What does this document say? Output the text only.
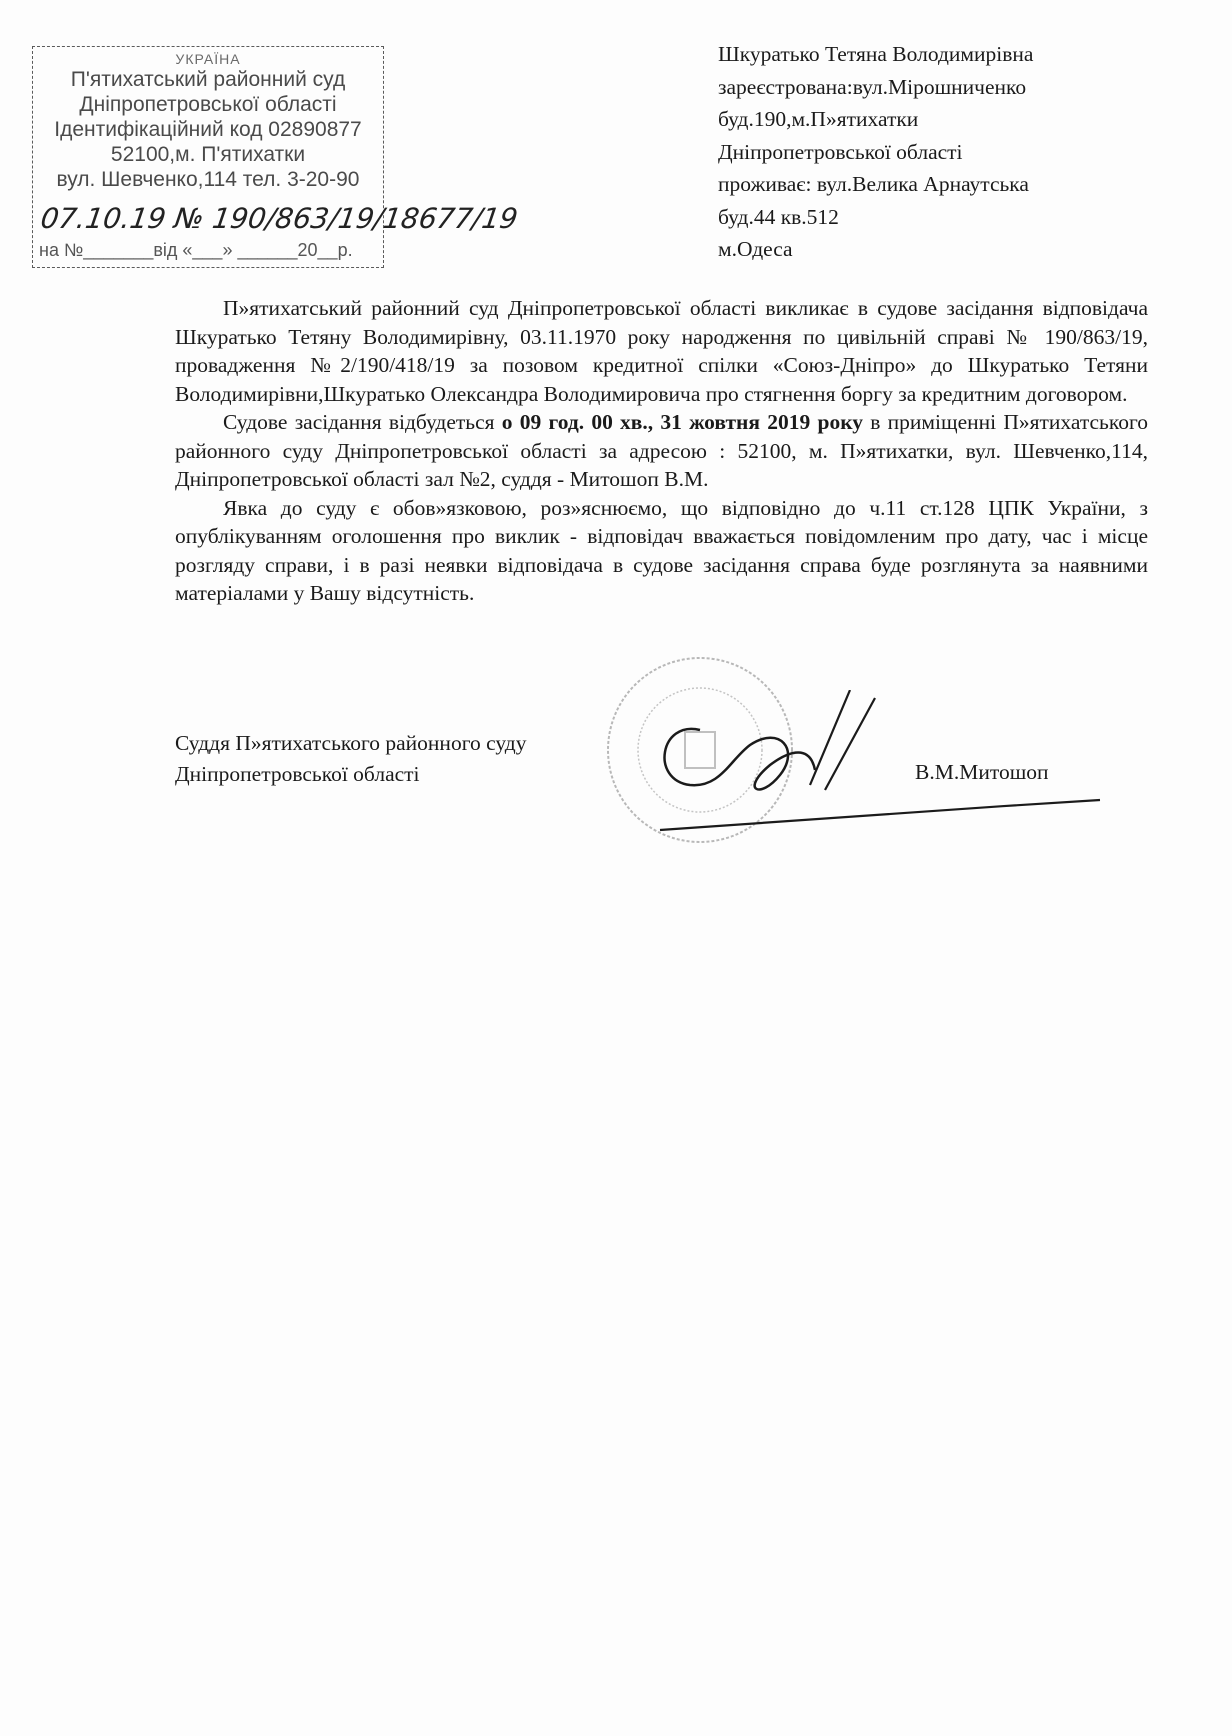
УКРАЇНА
П'ятихатський районний суд
Дніпропетровської області
Ідентифікаційний код 02890877
52100,м. П'ятихатки
вул. Шевченко,114 тел. 3-20-90
07.10.19 № 190/863/19/18677/19
на №_______від «___» ______20__р.
Шкуратько Тетяна Володимирівна
зареєстрована:вул.Мірошниченко
буд.190,м.П»ятихатки
Дніпропетровської області
проживає: вул.Велика Арнаутська
буд.44 кв.512
м.Одеса
П»ятихатський районний суд Дніпропетровської області викликає в судове засідання відповідача Шкуратько Тетяну Володимирівну, 03.11.1970 року народження по цивільній справі № 190/863/19, провадження №2/190/418/19 за позовом кредитної спілки «Союз-Дніпро» до Шкуратько Тетяни Володимирівни,Шкуратько Олександра Володимировича про стягнення боргу за кредитним договором.
Судове засідання відбудеться о 09 год. 00 хв., 31 жовтня 2019 року в приміщенні П»ятихатського районного суду Дніпропетровської області за адресою : 52100, м. П»ятихатки, вул. Шевченко,114, Дніпропетровської області зал №2, суддя - Митошоп В.М.
Явка до суду є обов»язковою, роз»яснюємо, що відповідно до ч.11 ст.128 ЦПК України, з опублікуванням оголошення про виклик - відповідач вважається повідомленим про дату, час і місце розгляду справи, і в разі неявки відповідача в судове засідання справа буде розглянута за наявними матеріалами у Вашу відсутність.
Суддя П»ятихатського районного суду
Дніпропетровської області	В.М.Митошоп
